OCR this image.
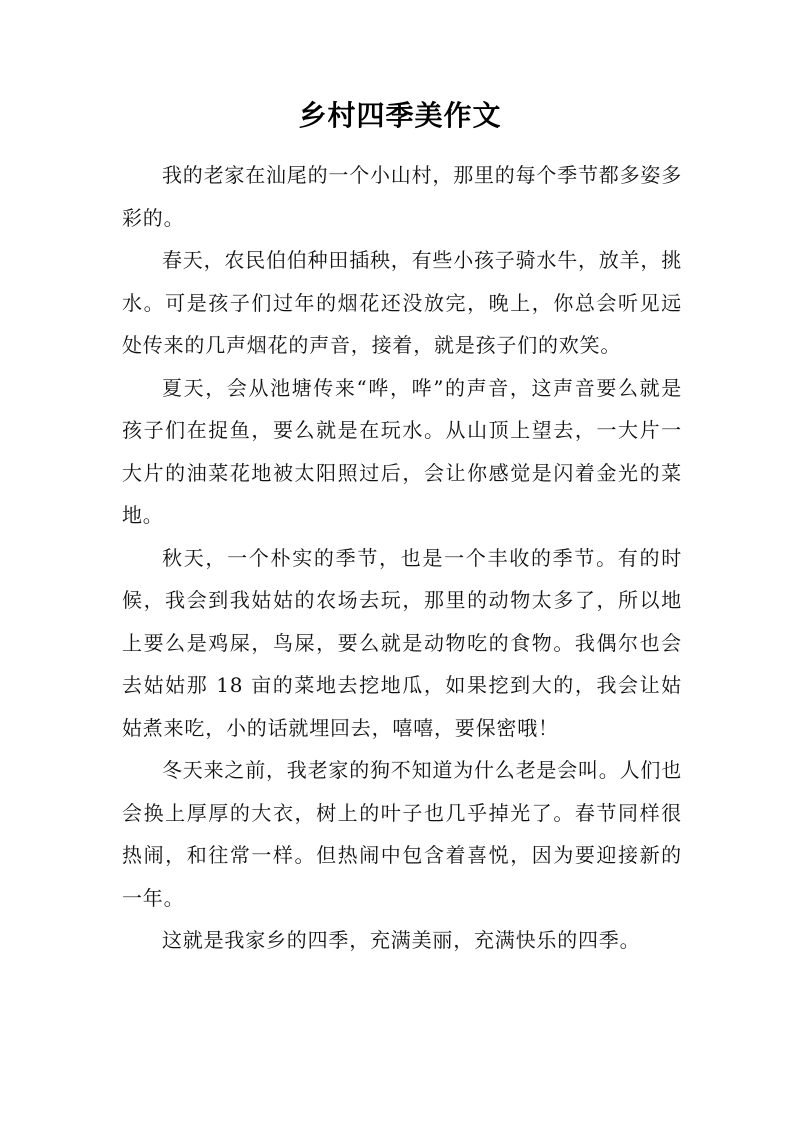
乡村四季美作文

我的老家在汕尾的一个小山村，那里的每个季节都多姿多彩的。

春天，农民伯伯种田插秧，有些小孩子骑水牛，放羊，挑水。可是孩子们过年的烟花还没放完，晚上，你总会听见远处传来的几声烟花的声音，接着，就是孩子们的欢笑。

夏天，会从池塘传来“哗，哗”的声音，这声音要么就是孩子们在捉鱼，要么就是在玩水。从山顶上望去，一大片一大片的油菜花地被太阳照过后，会让你感觉是闪着金光的菜地。

秋天，一个朴实的季节，也是一个丰收的季节。有的时候，我会到我姑姑的农场去玩，那里的动物太多了，所以地上要么是鸡屎，鸟屎，要么就是动物吃的食物。我偶尔也会去姑姑那 18 亩的菜地去挖地瓜，如果挖到大的，我会让姑姑煮来吃，小的话就埋回去，嘻嘻，要保密哦！

冬天来之前，我老家的狗不知道为什么老是会叫。人们也会换上厚厚的大衣，树上的叶子也几乎掉光了。春节同样很热闹，和往常一样。但热闹中包含着喜悦，因为要迎接新的一年。

这就是我家乡的四季，充满美丽，充满快乐的四季。
